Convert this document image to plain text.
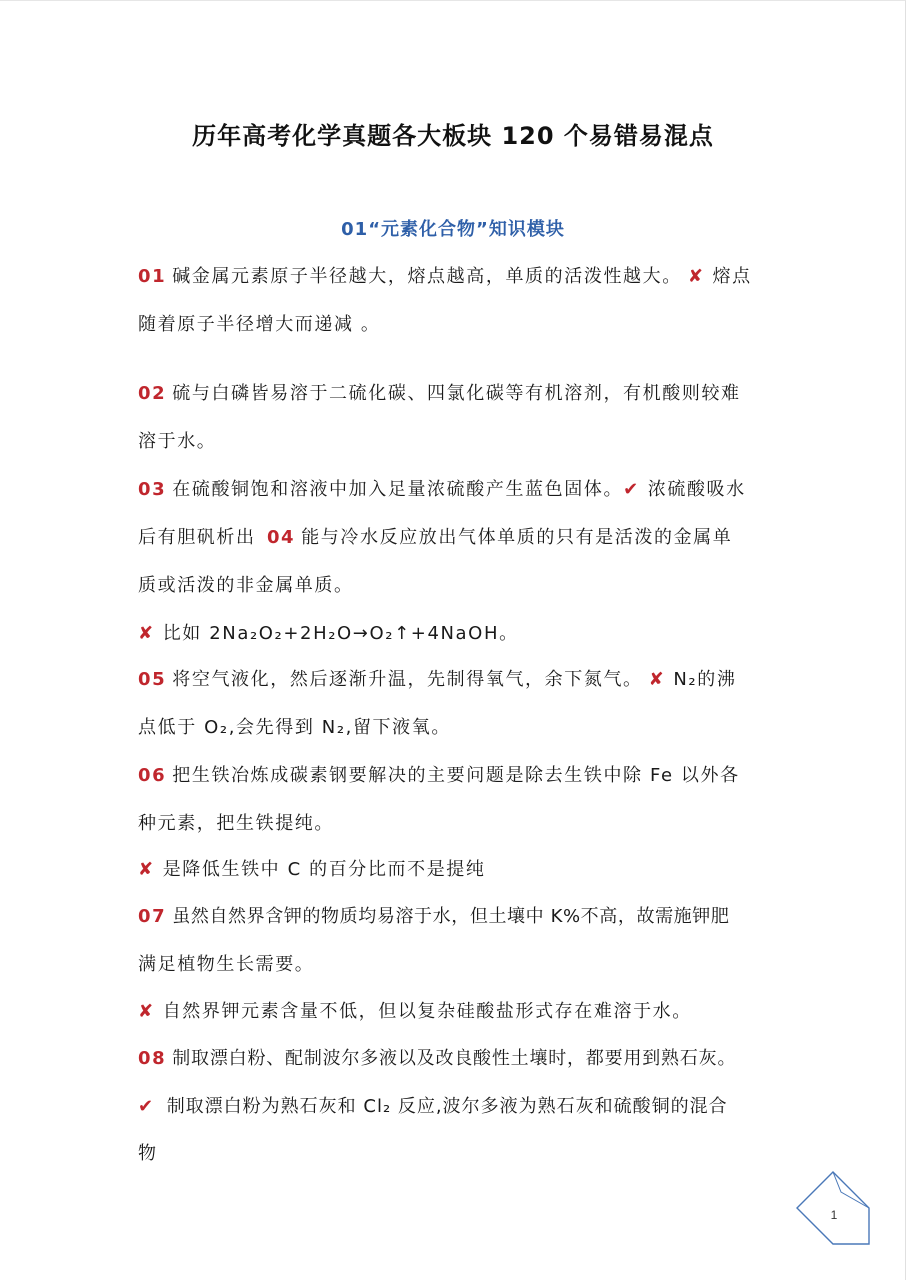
历年高考化学真题各大板块 120 个易错易混点
01“元素化合物”知识模块
01 碱金属元素原子半径越大，熔点越高，单质的活泼性越大。 ✘ 熔点
随着原子半径增大而递减 。
02 硫与白磷皆易溶于二硫化碳、四氯化碳等有机溶剂，有机酸则较难
溶于水。
03 在硫酸铜饱和溶液中加入足量浓硫酸产生蓝色固体。✔ 浓硫酸吸水
后有胆矾析出 04 能与冷水反应放出气体单质的只有是活泼的金属单
质或活泼的非金属单质。
✘ 比如 2Na₂O₂+2H₂O→O₂↑+4NaOH。
05 将空气液化，然后逐渐升温，先制得氧气，余下氮气。 ✘ N₂的沸
点低于 O₂,会先得到 N₂,留下液氧。
06 把生铁冶炼成碳素钢要解决的主要问题是除去生铁中除 Fe 以外各
种元素，把生铁提纯。
✘ 是降低生铁中 C 的百分比而不是提纯
07 虽然自然界含钾的物质均易溶于水，但土壤中 K%不高，故需施钾肥
满足植物生长需要。
✘ 自然界钾元素含量不低，但以复杂硅酸盐形式存在难溶于水。
08 制取漂白粉、配制波尔多液以及改良酸性土壤时，都要用到熟石灰。
✔ 制取漂白粉为熟石灰和 Cl₂ 反应,波尔多液为熟石灰和硫酸铜的混合
物
1
